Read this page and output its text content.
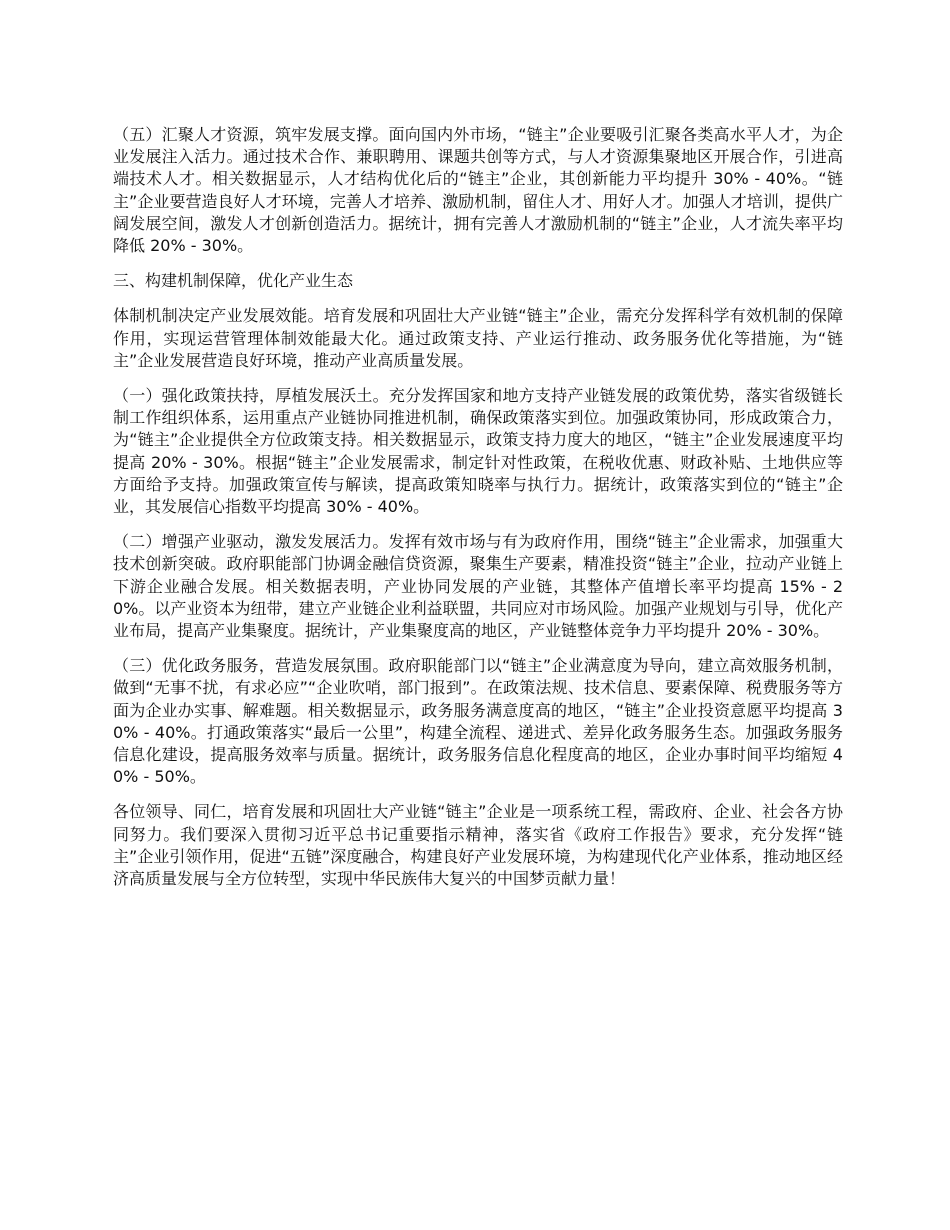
（五）汇聚人才资源，筑牢发展支撑。面向国内外市场，“链主”企业要吸引汇聚各类高水平人才，为企业发展注入活力。通过技术合作、兼职聘用、课题共创等方式，与人才资源集聚地区开展合作，引进高端技术人才。相关数据显示，人才结构优化后的“链主”企业，其创新能力平均提升 30% - 40%。“链主”企业要营造良好人才环境，完善人才培养、激励机制，留住人才、用好人才。加强人才培训，提供广阔发展空间，激发人才创新创造活力。据统计，拥有完善人才激励机制的“链主”企业，人才流失率平均降低 20% - 30%。

三、构建机制保障，优化产业生态

体制机制决定产业发展效能。培育发展和巩固壮大产业链“链主”企业，需充分发挥科学有效机制的保障作用，实现运营管理体制效能最大化。通过政策支持、产业运行推动、政务服务优化等措施，为“链主”企业发展营造良好环境，推动产业高质量发展。

（一）强化政策扶持，厚植发展沃土。充分发挥国家和地方支持产业链发展的政策优势，落实省级链长制工作组织体系，运用重点产业链协同推进机制，确保政策落实到位。加强政策协同，形成政策合力，为“链主”企业提供全方位政策支持。相关数据显示，政策支持力度大的地区，“链主”企业发展速度平均提高 20% - 30%。根据“链主”企业发展需求，制定针对性政策，在税收优惠、财政补贴、土地供应等方面给予支持。加强政策宣传与解读，提高政策知晓率与执行力。据统计，政策落实到位的“链主”企业，其发展信心指数平均提高 30% - 40%。

（二）增强产业驱动，激发发展活力。发挥有效市场与有为政府作用，围绕“链主”企业需求，加强重大技术创新突破。政府职能部门协调金融信贷资源，聚集生产要素，精准投资“链主”企业，拉动产业链上下游企业融合发展。相关数据表明，产业协同发展的产业链，其整体产值增长率平均提高 15% - 20%。以产业资本为纽带，建立产业链企业利益联盟，共同应对市场风险。加强产业规划与引导，优化产业布局，提高产业集聚度。据统计，产业集聚度高的地区，产业链整体竞争力平均提升 20% - 30%。

（三）优化政务服务，营造发展氛围。政府职能部门以“链主”企业满意度为导向，建立高效服务机制，做到“无事不扰，有求必应”“企业吹哨，部门报到”。在政策法规、技术信息、要素保障、税费服务等方面为企业办实事、解难题。相关数据显示，政务服务满意度高的地区，“链主”企业投资意愿平均提高 30% - 40%。打通政策落实“最后一公里”，构建全流程、递进式、差异化政务服务生态。加强政务服务信息化建设，提高服务效率与质量。据统计，政务服务信息化程度高的地区，企业办事时间平均缩短 40% - 50%。

各位领导、同仁，培育发展和巩固壮大产业链“链主”企业是一项系统工程，需政府、企业、社会各方协同努力。我们要深入贯彻习近平总书记重要指示精神，落实省《政府工作报告》要求，充分发挥“链主”企业引领作用，促进“五链”深度融合，构建良好产业发展环境，为构建现代化产业体系，推动地区经济高质量发展与全方位转型，实现中华民族伟大复兴的中国梦贡献力量！
